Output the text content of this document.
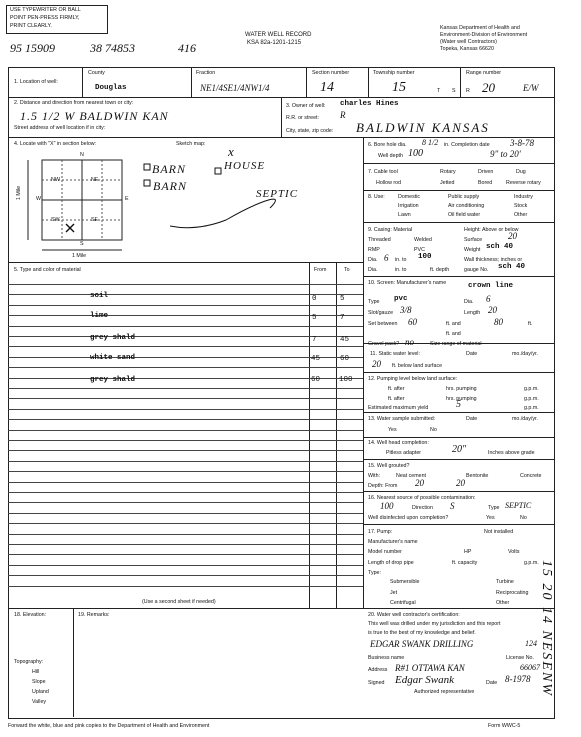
USE TYPEWRITER OR BALL
POINT PEN-PRESS FIRMLY,
PRINT CLEARLY.
95 15909	38 74853	416
WATER WELL RECORD
KSA 82a-1201-1215
Kansas Department of Health and
Environment-Division of Environment
(Water well Contractors)
Topeka, Kansas 66620
1. Location of well:
County
Douglas
Fraction
NE1/4SE1/4NW1/4
Section number
14
Township number
15	T S
Range number
R 20	E/W
2. Distance and direction from nearest town or city:
1.5 1/2 W BALDWIN KAN
Street address of well location if in city:
3. Owner of well: charles Hines
R.R. or street: R
City, state, zip code: BALDWIN KANSAS
4. Locate with "X" in section below:	Sketch map:
N
S
W	E
NW	NE
SW	SE
1 Mile
1 Mile
BARN	HOUSE
SEPTIC
BARN
x
5. Type and color of material	From	To
soil	0	5
lime	5	7
grey shald	7	45
white sand	45	60
grey shald	60	100
(Use a second sheet if needed)
6. Bore hole dia. 8 1/2 in. Completion date 3-8-78
Well depth 100	9" to 20'
7. Cable tool	Rotary	Driven	Dug
Hollow rod	Jetted	Bored	Reverse rotary
8. Use: Domestic	Public supply	Industry
Irrigation	Air conditioning	Stock
Lawn	Oil field water	Other
9. Casing: Material	Height: Above or below
Threaded	Welded	Surface	20
RMP	PVC	Weight sch 40
Dia. 6 in. to 100	Wall thickness; inches or
Dia.	in. to	ft. depth	gauge No. sch 40
10. Screen: Manufacturer's name	crown line
Type pvc	Dia. 6
Slot/gauze 3/8	Length 20
Set between 60	ft. and	80	ft.
ft. and
Gravel pack? no	Size range of material
11. Static water level:	Date	mo./day/yr.
20 ft. below land surface
12. Pumping level below land surface:
ft. after	hrs. pumping	g.p.m.
ft. after	hrs. pumping	g.p.m.
Estimated maximum yield	5	g.p.m.
13. Water sample submitted:
Yes	No
Date	mo./day/yr.
14. Well head completion:
Pitless adapter	20"	Inches above grade
15. Well grouted?
With:	Neat cement	Bentonite	Concrete
Depth: From 20	20
16. Nearest source of possible contamination:
100	Direction S	Type SEPTIC
Well disinfected upon completion?	Yes	No
17. Pump:	Not installed
Manufacturer's name
Model number	HP	Volts
Length of drop pipe	ft. capacity	g.p.m.
Type:
Submersible	Turbine
Jet	Reciprocating
Centrifugal	Other
18. Elevation:	19. Remarks:
Topography:
Hill
Slope
Upland
Valley
20. Water well contractor's certification:
This well was drilled under my jurisdiction and this report
is true to the best of my knowledge and belief.
EDGAR SWANK DRILLING	124
Business name	License No.
Address R#1 OTTAWA KAN	66067
Signed Edgar Swank	Date 8-1978
Authorized representative
Forward the white, blue and pink copies to the Department of Health and Environment	Form WWC-5
15 20 14 NESENW
